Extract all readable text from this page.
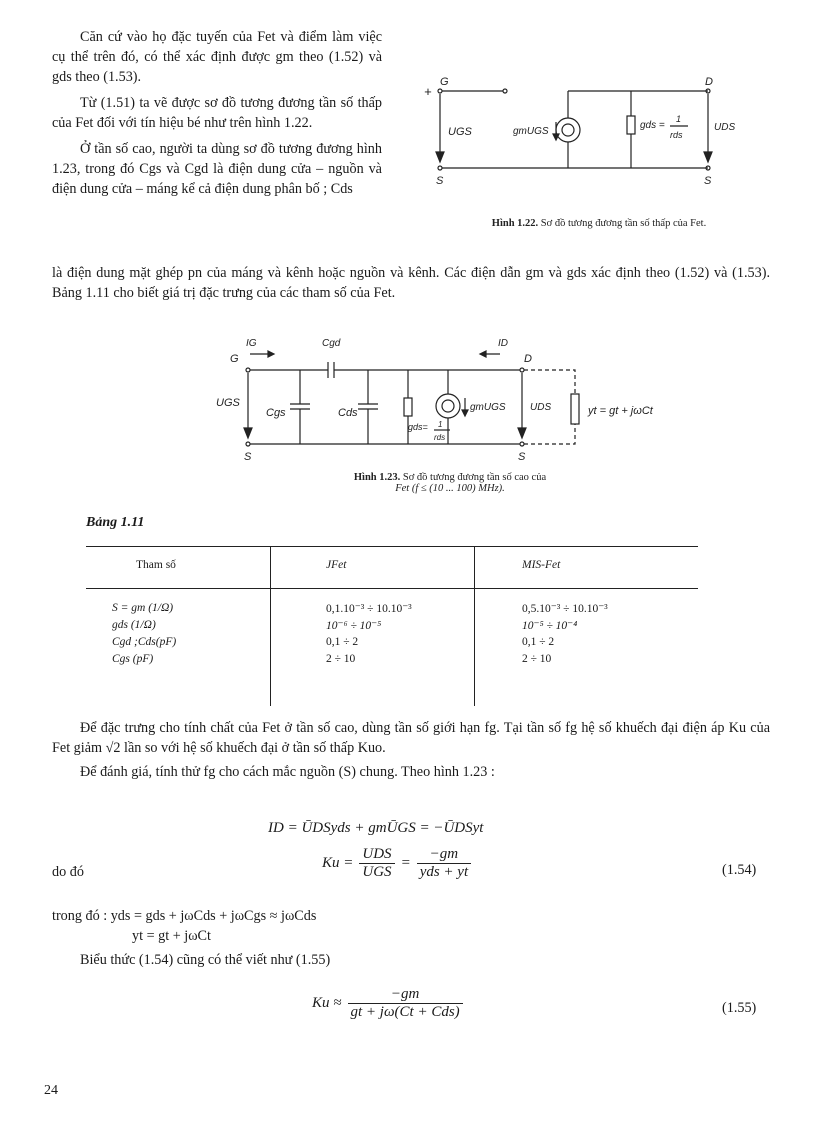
Căn cứ vào họ đặc tuyến của Fet và điểm làm việc cụ thể trên đó, có thể xác định được gm theo (1.52) và gds theo (1.53).

Từ (1.51) ta vẽ được sơ đồ tương đương tần số thấp của Fet đối với tín hiệu bé như trên hình 1.22.

Ở tần số cao, người ta dùng sơ đồ tương đương hình 1.23, trong đó Cgs và Cgd là điện dung cửa – nguồn và điện dung cửa – máng kể cả điện dung phân bố ; Cds

là điện dung mặt ghép pn của máng và kênh hoặc nguồn và kênh. Các điện dẫn gm và gds xác định theo (1.52) và (1.53). Bảng 1.11 cho biết giá trị đặc trưng của các tham số của Fet.
G	D
+
UGS
S	S
gmUGS
gds =
1
rds
UDS
Hình 1.22. Sơ đồ tương đương tần số thấp của Fet.
IG	Cgd	ID
G	D
UGS
S	S
Cgs	Cds
gds= 1
rds
gmUGS UDS	yt = gt + jωCt
Hình 1.23. Sơ đồ tương đương tần số cao của
Fet (f ≤ (10 ... 100) MHz).
Bảng 1.11
Tham số	JFet	MIS-Fet

S = gm (1/Ω)	0,1.10⁻³ ÷ 10.10⁻³	0,5.10⁻³ ÷ 10.10⁻³
gds (1/Ω)	10⁻⁶ ÷ 10⁻⁵	10⁻⁵ ÷ 10⁻⁴
Cgd ;Cds(pF)	0,1 ÷ 2	0,1 ÷ 2
Cgs (pF)	2 ÷ 10	2 ÷ 10

Để đặc trưng cho tính chất của Fet ở tần số cao, dùng tần số giới hạn fg. Tại tần số fg hệ số khuếch đại điện áp Ku của Fet giảm √2 lần so với hệ số khuếch đại ở tần số thấp Kuo.

Để đánh giá, tính thử fg cho cách mắc nguồn (S) chung. Theo hình 1.23 :

ID = ŪDSyds + gmŪGS = −ŪDSyt
do đó
$Ku = \frac{\text{UDS}}{\text{UGS}} = \frac{-gm}{\text{yds + yt}}$	(1.54)
trong đó : yds = gds + jωCds + jωCgs ≈ jωCds
yt = gt + jωCt
Biểu thức (1.54) cũng có thể viết như (1.55)
$Ku \approx \frac{-gm}{\text{gt + jω(Ct + Cds)}}$	(1.55)
24
